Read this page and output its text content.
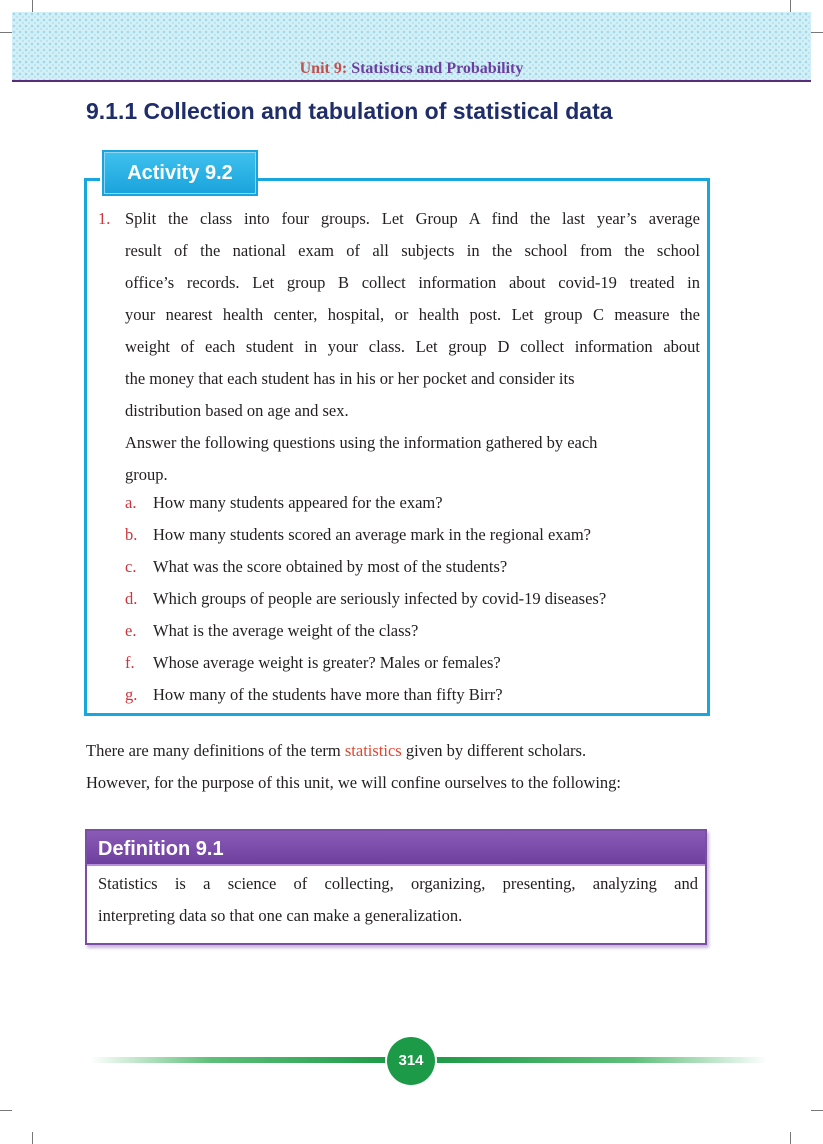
Unit 9: Statistics and Probability
9.1.1 Collection and tabulation of statistical data
Activity 9.2
1. Split the class into four groups. Let Group A find the last year’s average
result of the national exam of all subjects in the school from the school
office’s records. Let group B collect information about covid-19 treated in
your nearest health center, hospital, or health post. Let group C measure the
weight of each student in your class. Let group D collect information about
the money that each student has in his or her pocket and consider its
distribution based on age and sex.
Answer the following questions using the information gathered by each
group.
a. How many students appeared for the exam?
b. How many students scored an average mark in the regional exam?
c. What was the score obtained by most of the students?
d. Which groups of people are seriously infected by covid-19 diseases?
e. What is the average weight of the class?
f. Whose average weight is greater? Males or females?
g. How many of the students have more than fifty Birr?
There are many definitions of the term statistics given by different scholars.
However, for the purpose of this unit, we will confine ourselves to the following:
Definition 9.1
Statistics is a science of collecting, organizing, presenting, analyzing and
interpreting data so that one can make a generalization.
314
